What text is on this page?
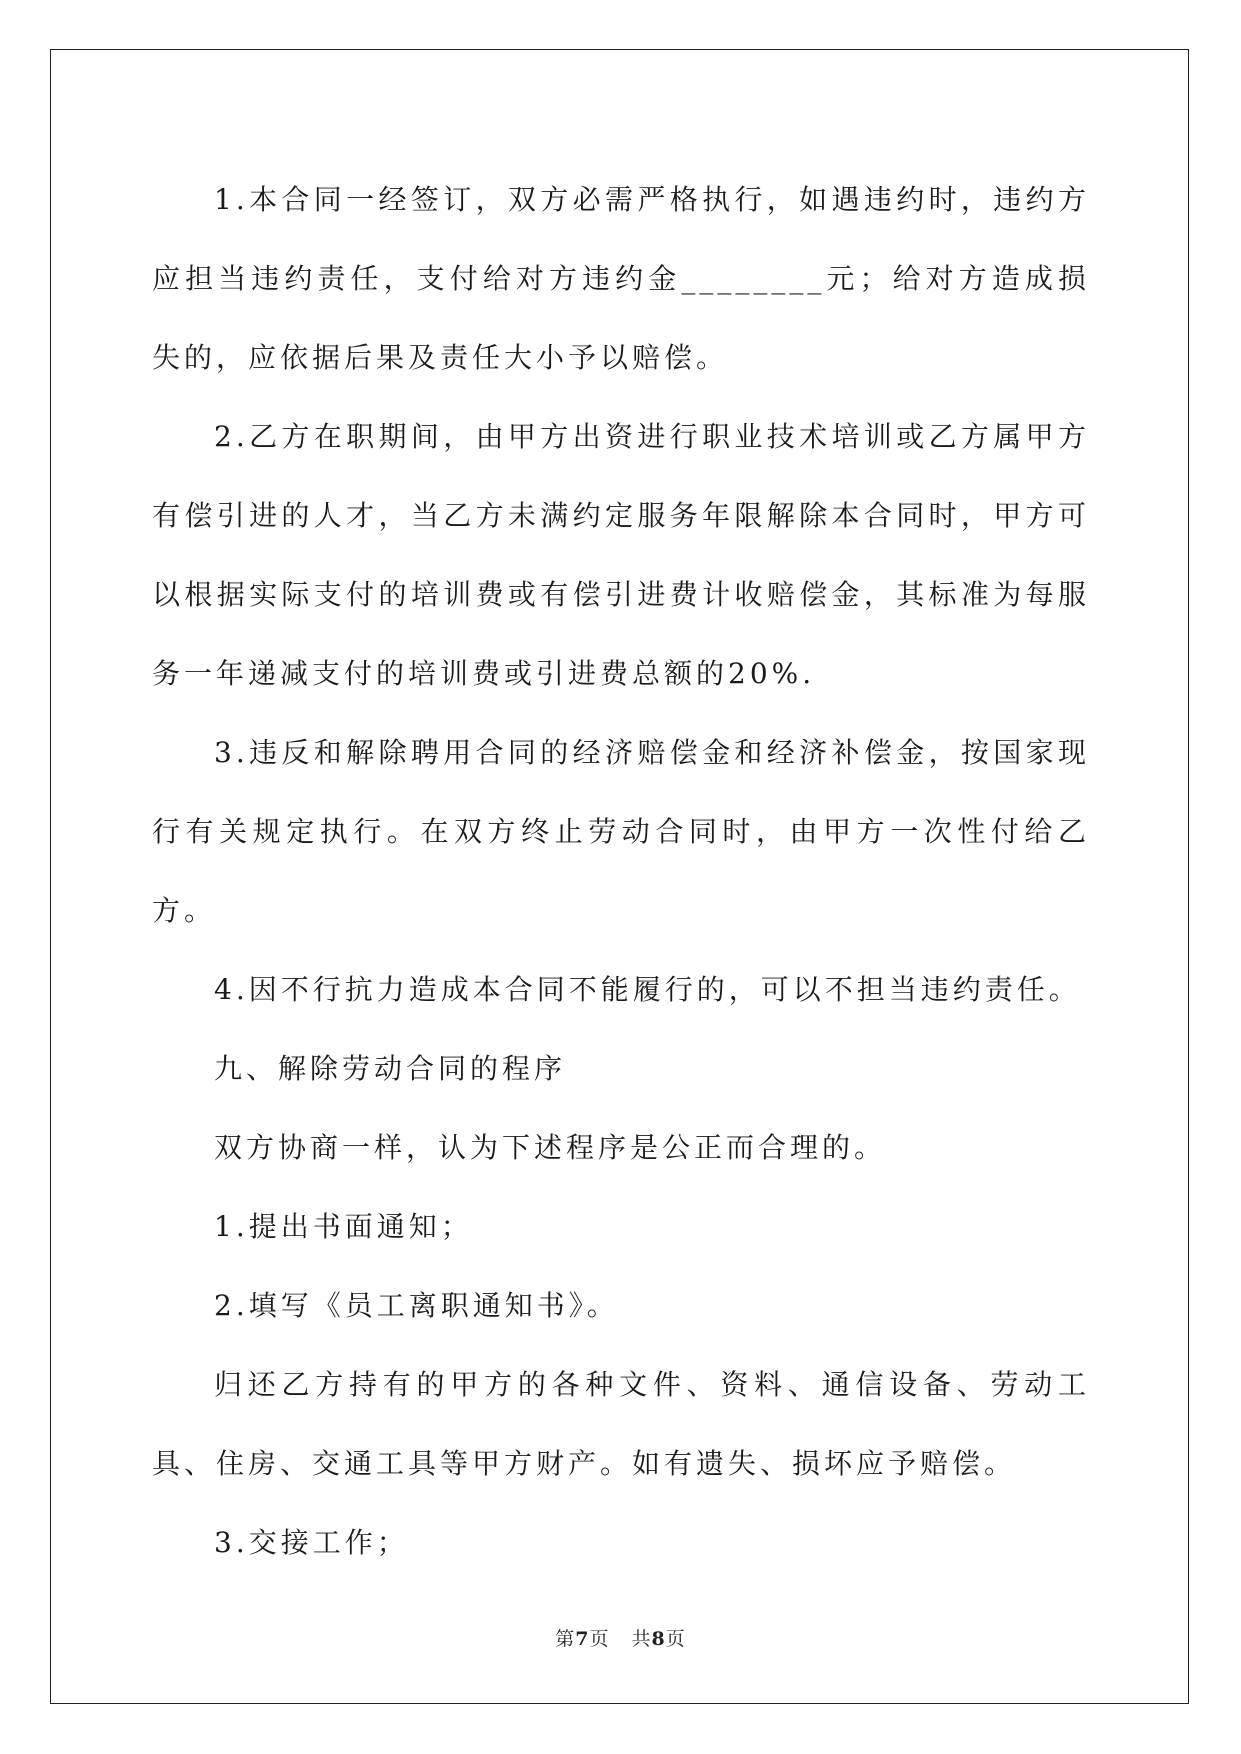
1.本合同一经签订，双方必需严格执行，如遇违约时，违约方应担当违约责任，支付给对方违约金________元；给对方造成损失的，应依据后果及责任大小予以赔偿。

2.乙方在职期间，由甲方出资进行职业技术培训或乙方属甲方有偿引进的人才，当乙方未满约定服务年限解除本合同时，甲方可以根据实际支付的培训费或有偿引进费计收赔偿金，其标准为每服务一年递减支付的培训费或引进费总额的20%.

3.违反和解除聘用合同的经济赔偿金和经济补偿金，按国家现行有关规定执行。在双方终止劳动合同时，由甲方一次性付给乙方。

4.因不行抗力造成本合同不能履行的，可以不担当违约责任。

九、解除劳动合同的程序

双方协商一样，认为下述程序是公正而合理的。

1.提出书面通知；

2.填写《员工离职通知书》。

归还乙方持有的甲方的各种文件、资料、通信设备、劳动工具、住房、交通工具等甲方财产。如有遗失、损坏应予赔偿。

3.交接工作；

第7页 共8页
